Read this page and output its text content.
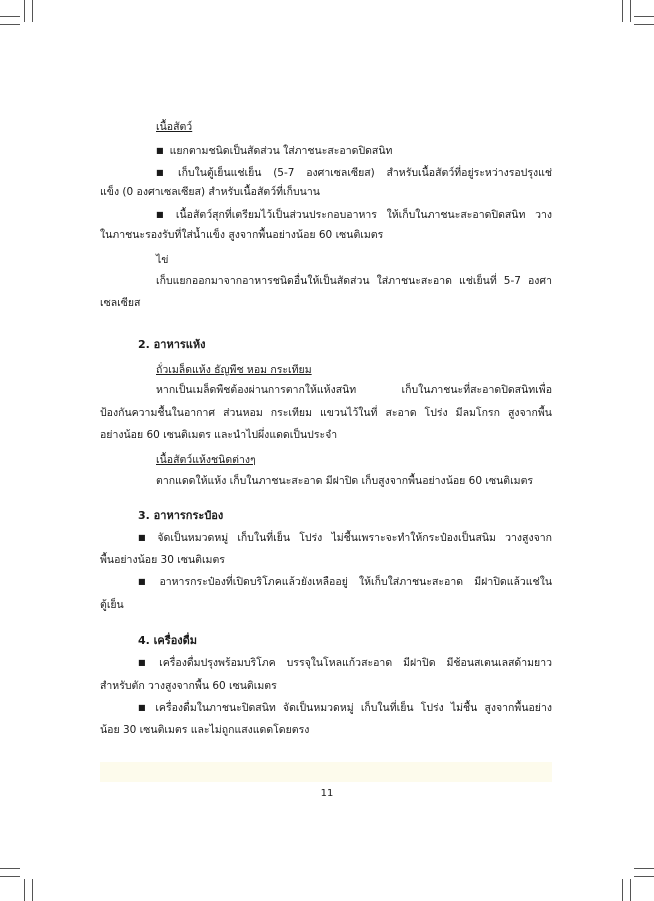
เนื้อสัตว์
■ แยกตามชนิดเป็นสัดส่วน ใส่ภาชนะสะอาดปิดสนิท
■ เก็บในตู้เย็นแช่เย็น (5-7 องศาเซลเซียส) สำหรับเนื้อสัตว์ที่อยู่ระหว่างรอปรุงแช่
แข็ง (0 องศาเซลเซียส) สำหรับเนื้อสัตว์ที่เก็บนาน
■ เนื้อสัตว์สุกที่เตรียมไว้เป็นส่วนประกอบอาหาร ให้เก็บในภาชนะสะอาดปิดสนิท วาง
ในภาชนะรองรับที่ใส่น้ำแข็ง สูงจากพื้นอย่างน้อย 60 เซนติเมตร
ไข่
เก็บแยกออกมาจากอาหารชนิดอื่นให้เป็นสัดส่วน ใส่ภาชนะสะอาด แช่เย็นที่ 5-7 องศา
เซลเซียส
2. อาหารแห้ง
ถั่วเมล็ดแห้ง ธัญพืช หอม กระเทียม
หากเป็นเมล็ดพืชต้องผ่านการตากให้แห้งสนิท เก็บในภาชนะที่สะอาดปิดสนิทเพื่อ
ป้องกันความชื้นในอากาศ ส่วนหอม กระเทียม แขวนไว้ในที่ สะอาด โปร่ง มีลมโกรก สูงจากพื้น
อย่างน้อย 60 เซนติเมตร และนำไปผึ่งแดดเป็นประจำ
เนื้อสัตว์แห้งชนิดต่างๆ
ตากแดดให้แห้ง เก็บในภาชนะสะอาด มีฝาปิด เก็บสูงจากพื้นอย่างน้อย 60 เซนติเมตร
3. อาหารกระป๋อง
■ จัดเป็นหมวดหมู่ เก็บในที่เย็น โปร่ง ไม่ชื้นเพราะจะทำให้กระป๋องเป็นสนิม วางสูงจาก
พื้นอย่างน้อย 30 เซนติเมตร
■ อาหารกระป๋องที่เปิดบริโภคแล้วยังเหลืออยู่ ให้เก็บใส่ภาชนะสะอาด มีฝาปิดแล้วแช่ใน
ตู้เย็น
4. เครื่องดื่ม
■ เครื่องดื่มปรุงพร้อมบริโภค บรรจุในโหลแก้วสะอาด มีฝาปิด มีช้อนสเตนเลสด้ามยาว
สำหรับตัก วางสูงจากพื้น 60 เซนติเมตร
■ เครื่องดื่มในภาชนะปิดสนิท จัดเป็นหมวดหมู่ เก็บในที่เย็น โปร่ง ไม่ชื้น สูงจากพื้นอย่าง
น้อย 30 เซนติเมตร และไม่ถูกแสงแดดโดยตรง
11
